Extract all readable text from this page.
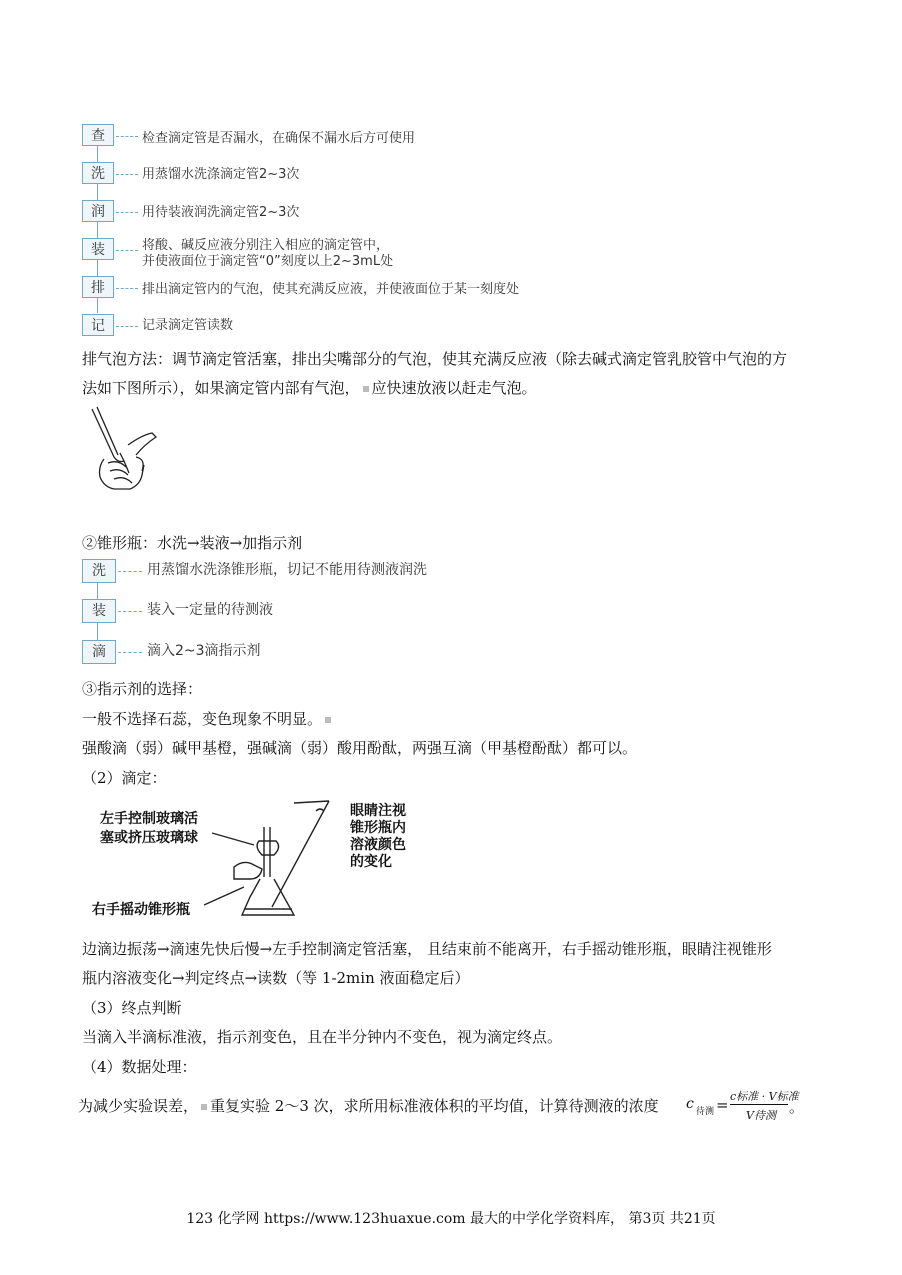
查	检查滴定管是否漏水，在确保不漏水后方可使用
洗	用蒸馏水洗涤滴定管2~3次
润	用待装液润洗滴定管2~3次
装	将酸、碱反应液分别注入相应的滴定管中，
并使液面位于滴定管“0”刻度以上2~3mL处
排	排出滴定管内的气泡，使其充满反应液，并使液面位于某一刻度处
记	记录滴定管读数
排气泡方法：调节滴定管活塞，排出尖嘴部分的气泡，使其充满反应液（除去碱式滴定管乳胶管中气泡的方
法如下图所示），如果滴定管内部有气泡， 应快速放液以赶走气泡。
②锥形瓶：水洗→装液→加指示剂
洗	用蒸馏水洗涤锥形瓶，切记不能用待测液润洗
装	装入一定量的待测液
滴	滴入2~3滴指示剂
③指示剂的选择：
一般不选择石蕊，变色现象不明显。
强酸滴（弱）碱甲基橙，强碱滴（弱）酸用酚酞，两强互滴（甲基橙酚酞）都可以。
（2）滴定：
左手控制玻璃活
塞或挤压玻璃球
眼睛注视
锥形瓶内
溶液颜色
的变化
右手摇动锥形瓶
边滴边振荡→滴速先快后慢→左手控制滴定管活塞， 且结束前不能离开，右手摇动锥形瓶，眼睛注视锥形
瓶内溶液变化→判定终点→读数（等 1-2min 液面稳定后）
（3）终点判断
当滴入半滴标准液，指示剂变色，且在半分钟内不变色，视为滴定终点。
（4）数据处理：
为减少实验误差， 重复实验 2～3 次，求所用标准液体积的平均值，计算待测液的浓度 c 待测 = c标准 · V标准
V待测 。
123 化学网 https://www.123huaxue.com 最大的中学化学资料库， 第3页 共21页
